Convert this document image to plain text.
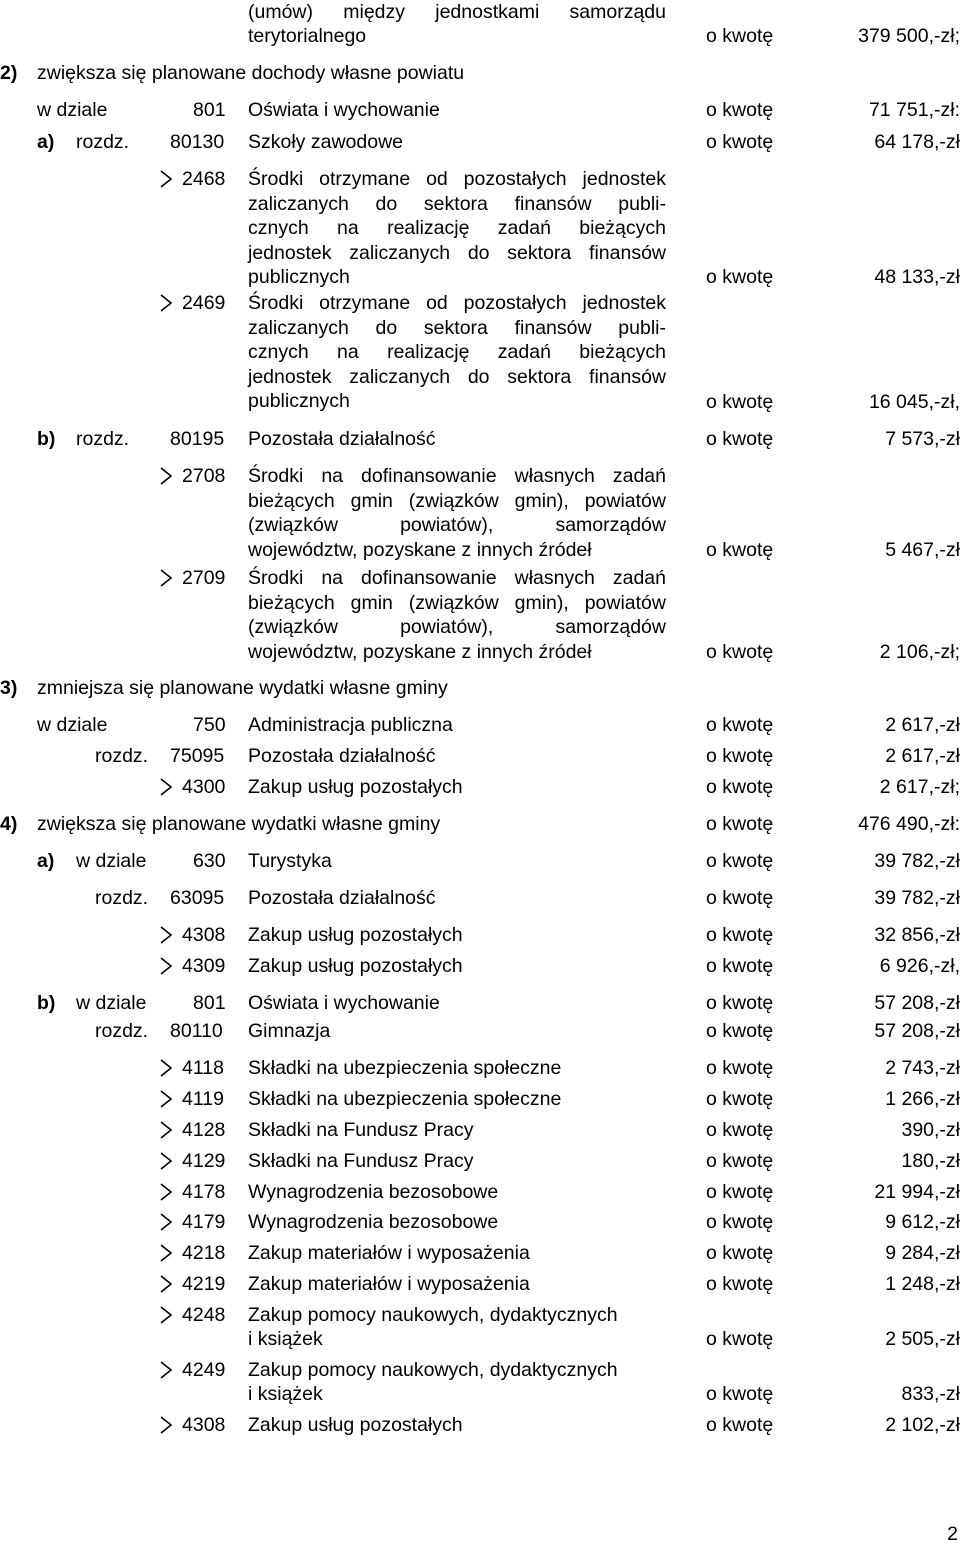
(umów) między jednostkami samorządu
terytorialnego	o kwotę	379 500,-zł;
2) zwiększa się planowane dochody własne powiatu
w dziale	801 Oświata i wychowanie	o kwotę	71 751,-zł:
a) rozdz. 80130 Szkoły zawodowe	o kwotę	64 178,-zł
2468 Środki otrzymane od pozostałych jednostek
zaliczanych do sektora finansów publi-
cznych na realizację zadań bieżących
jednostek zaliczanych do sektora finansów
publicznych	o kwotę	48 133,-zł
2469 Środki otrzymane od pozostałych jednostek
zaliczanych do sektora finansów publi-
cznych na realizację zadań bieżących
jednostek zaliczanych do sektora finansów
publicznych	o kwotę	16 045,-zł,
b) rozdz. 80195 Pozostała działalność	o kwotę	7 573,-zł
2708 Środki na dofinansowanie własnych zadań
bieżących gmin (związków gmin), powiatów
(związków powiatów), samorządów
województw, pozyskane z innych źródeł	o kwotę	5 467,-zł
2709 Środki na dofinansowanie własnych zadań
bieżących gmin (związków gmin), powiatów
(związków powiatów), samorządów
województw, pozyskane z innych źródeł	o kwotę	2 106,-zł;
3) zmniejsza się planowane wydatki własne gminy
w dziale	750 Administracja publiczna	o kwotę	2 617,-zł
rozdz. 75095 Pozostała działalność	o kwotę	2 617,-zł
4300 Zakup usług pozostałych	o kwotę	2 617,-zł;
4) zwiększa się planowane wydatki własne gminy	o kwotę	476 490,-zł:
a) w dziale 630 Turystyka	o kwotę	39 782,-zł
rozdz. 63095 Pozostała działalność	o kwotę	39 782,-zł
4308 Zakup usług pozostałych	o kwotę	32 856,-zł
4309 Zakup usług pozostałych	o kwotę	6 926,-zł,
b) w dziale 801 Oświata i wychowanie	o kwotę	57 208,-zł
rozdz. 80110 Gimnazja	o kwotę	57 208,-zł
4118 Składki na ubezpieczenia społeczne	o kwotę	2 743,-zł
4119 Składki na ubezpieczenia społeczne	o kwotę	1 266,-zł
4128 Składki na Fundusz Pracy	o kwotę	390,-zł
4129 Składki na Fundusz Pracy	o kwotę	180,-zł
4178 Wynagrodzenia bezosobowe	o kwotę	21 994,-zł
4179 Wynagrodzenia bezosobowe	o kwotę	9 612,-zł
4218 Zakup materiałów i wyposażenia	o kwotę	9 284,-zł
4219 Zakup materiałów i wyposażenia	o kwotę	1 248,-zł
4248 Zakup pomocy naukowych, dydaktycznych
i książek	o kwotę	2 505,-zł
4249 Zakup pomocy naukowych, dydaktycznych
i książek	o kwotę	833,-zł
4308 Zakup usług pozostałych	o kwotę	2 102,-zł
2
